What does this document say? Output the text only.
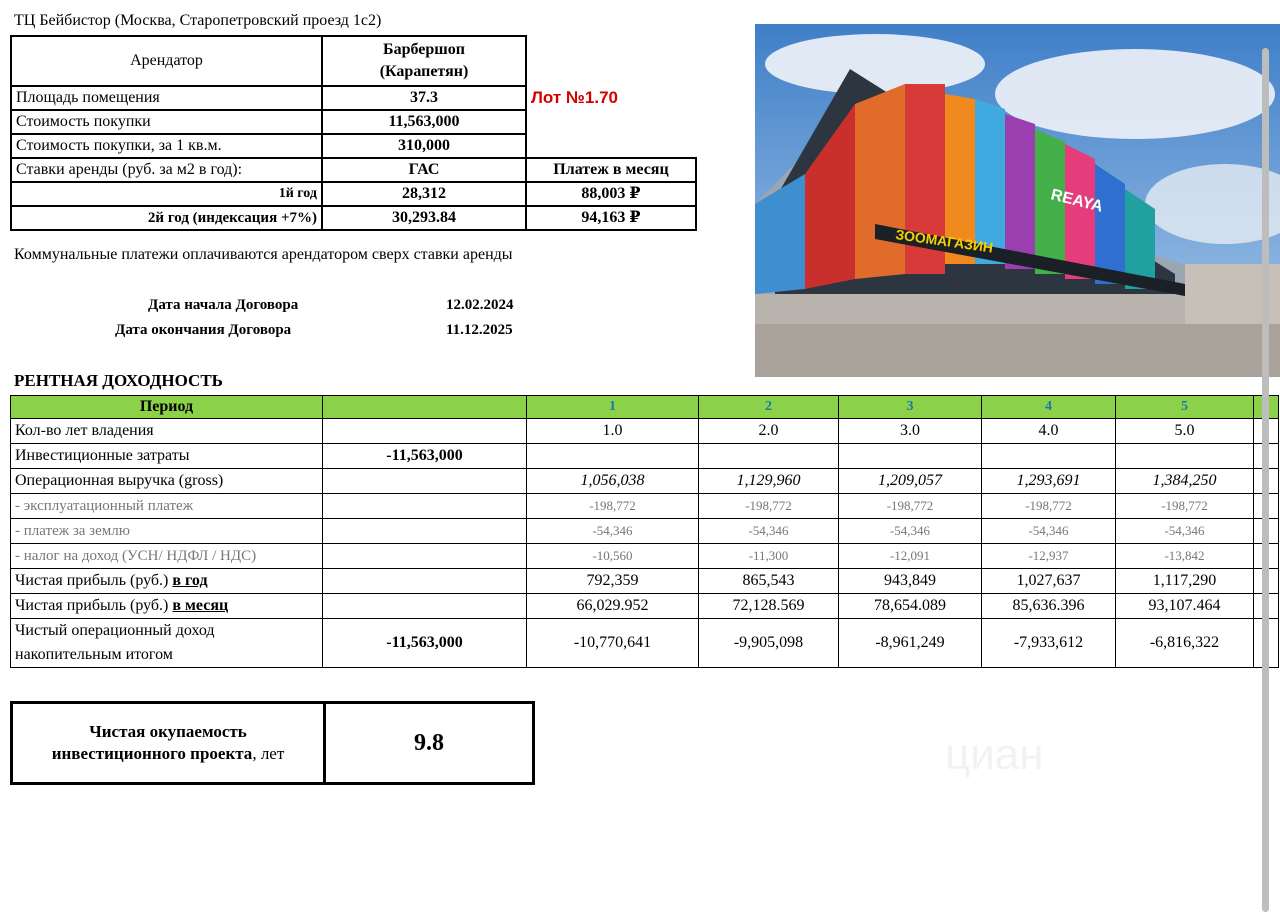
ТЦ Бейбистор (Москва, Старопетровский проезд 1с2)
Арендатор	Барбершоп
(Карапетян)	

Площадь помещения	37.3	Лот №1.70
Стоимость покупки	11,563,000	
Стоимость покупки, за 1 кв.м.	310,000	
Ставки аренды (руб. за м2 в год):	ГАС	Платеж в месяц
1й год	28,312	88,003 ₽
2й год (индексация +7%)	30,293.84	94,163 ₽
Коммунальные платежи оплачиваются арендатором сверх ставки аренды
Дата начала Договора	12.02.2024
Дата окончания Договора	11.12.2025
ЗООМАГАЗИН
REAYA
РЕНТНАЯ ДОХОДНОСТЬ
Период		1	2	3	4	5	
Кол-во лет владения		1.0	2.0	3.0	4.0	5.0	
Инвестиционные затраты	-11,563,000						
Операционная выручка (gross)		1,056,038	1,129,960	1,209,057	1,293,691	1,384,250	
- эксплуатационный платеж		-198,772	-198,772	-198,772	-198,772	-198,772	
- платеж за землю		-54,346	-54,346	-54,346	-54,346	-54,346	
- налог на доход (УСН/ НДФЛ / НДС)		-10,560	-11,300	-12,091	-12,937	-13,842	
Чистая прибыль (руб.) в год		792,359	865,543	943,849	1,027,637	1,117,290	
Чистая прибыль (руб.) в месяц		66,029.952	72,128.569	78,654.089	85,636.396	93,107.464	

Чистый операционный доход
накопительным итогом	-11,563,000	-10,770,641	-9,905,098	-8,961,249	-7,933,612	-6,816,322	
Чистая окупаемость
инвестиционного проекта, лет	9.8	циан
